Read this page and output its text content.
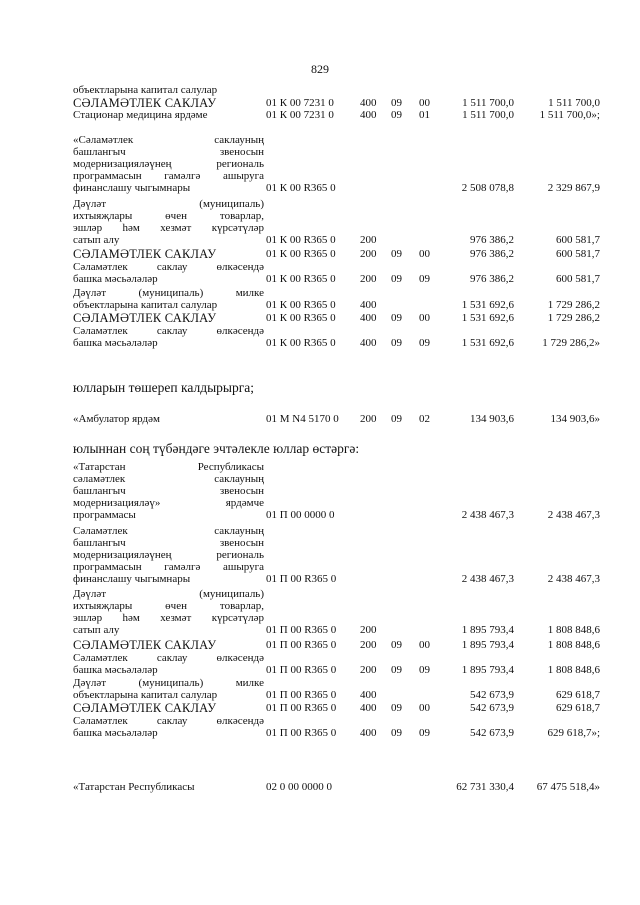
829
объектларына капитал салулар
СӘЛАМӘТЛЕК САКЛАУ	01 К 00 7231 0 400 09 00	1 511 700,0	1 511 700,0
Стационар медицина ярдәме	01 К 00 7231 0 400 09 01	1 511 700,0 1 511 700,0»;
«Сәламәтлек саклауның
башлангыч звеносын
модернизацияләүнең региональ
программасын гамәлгә ашыруга
финанслашу чыгымнары	01 К 00 R365 0	2 508 078,8	2 329 867,9
Дәүләт (муниципаль)
ихтыяҗлары өчен товарлар,
эшләр һәм хезмәт күрсәтүләр
сатып алу	01 К 00 R365 0 200	976 386,2	600 581,7
СӘЛАМӘТЛЕК САКЛАУ	01 К 00 R365 0 200 09 00	976 386,2	600 581,7
Сәламәтлек саклау өлкәсендә
башка мәсьәләләр	01 К 00 R365 0 200 09 09	976 386,2	600 581,7
Дәүләт (муниципаль) милке
объектларына капитал салулар	01 К 00 R365 0 400	1 531 692,6	1 729 286,2
СӘЛАМӘТЛЕК САКЛАУ	01 К 00 R365 0 400 09 00	1 531 692,6	1 729 286,2
Сәламәтлек саклау өлкәсендә
башка мәсьәләләр	01 К 00 R365 0 400 09 09	1 531 692,6	1 729 286,2»
юлларын төшереп калдырырга;
«Амбулатор ярдәм	01 М N4 5170 0 200 09 02	134 903,6	134 903,6»
юлыннан соң түбәндәге эчтәлекле юллар өстәргә:
«Татарстан Республикасы
сәламәтлек саклауның
башлангыч звеносын
модернизацияләү» ярдәмче
программасы	01 П 00 0000 0	2 438 467,3	2 438 467,3
Сәламәтлек саклауның
башлангыч звеносын
модернизацияләүнең региональ
программасын гамәлгә ашыруга
финанслашу чыгымнары	01 П 00 R365 0	2 438 467,3	2 438 467,3
Дәүләт (муниципаль)
ихтыяҗлары өчен товарлар,
эшләр һәм хезмәт күрсәтүләр
сатып алу	01 П 00 R365 0 200	1 895 793,4	1 808 848,6
СӘЛАМӘТЛЕК САКЛАУ	01 П 00 R365 0 200 09 00	1 895 793,4	1 808 848,6
Сәламәтлек саклау өлкәсендә
башка мәсьәләләр	01 П 00 R365 0 200 09 09	1 895 793,4	1 808 848,6
Дәүләт (муниципаль) милке
объектларына капитал салулар	01 П 00 R365 0 400	542 673,9	629 618,7
СӘЛАМӘТЛЕК САКЛАУ	01 П 00 R365 0 400 09 00	542 673,9	629 618,7
Сәламәтлек саклау өлкәсендә
башка мәсьәләләр	01 П 00 R365 0 400 09 09	542 673,9	629 618,7»;
«Татарстан Республикасы	02 0 00 0000 0	62 731 330,4 67 475 518,4»
